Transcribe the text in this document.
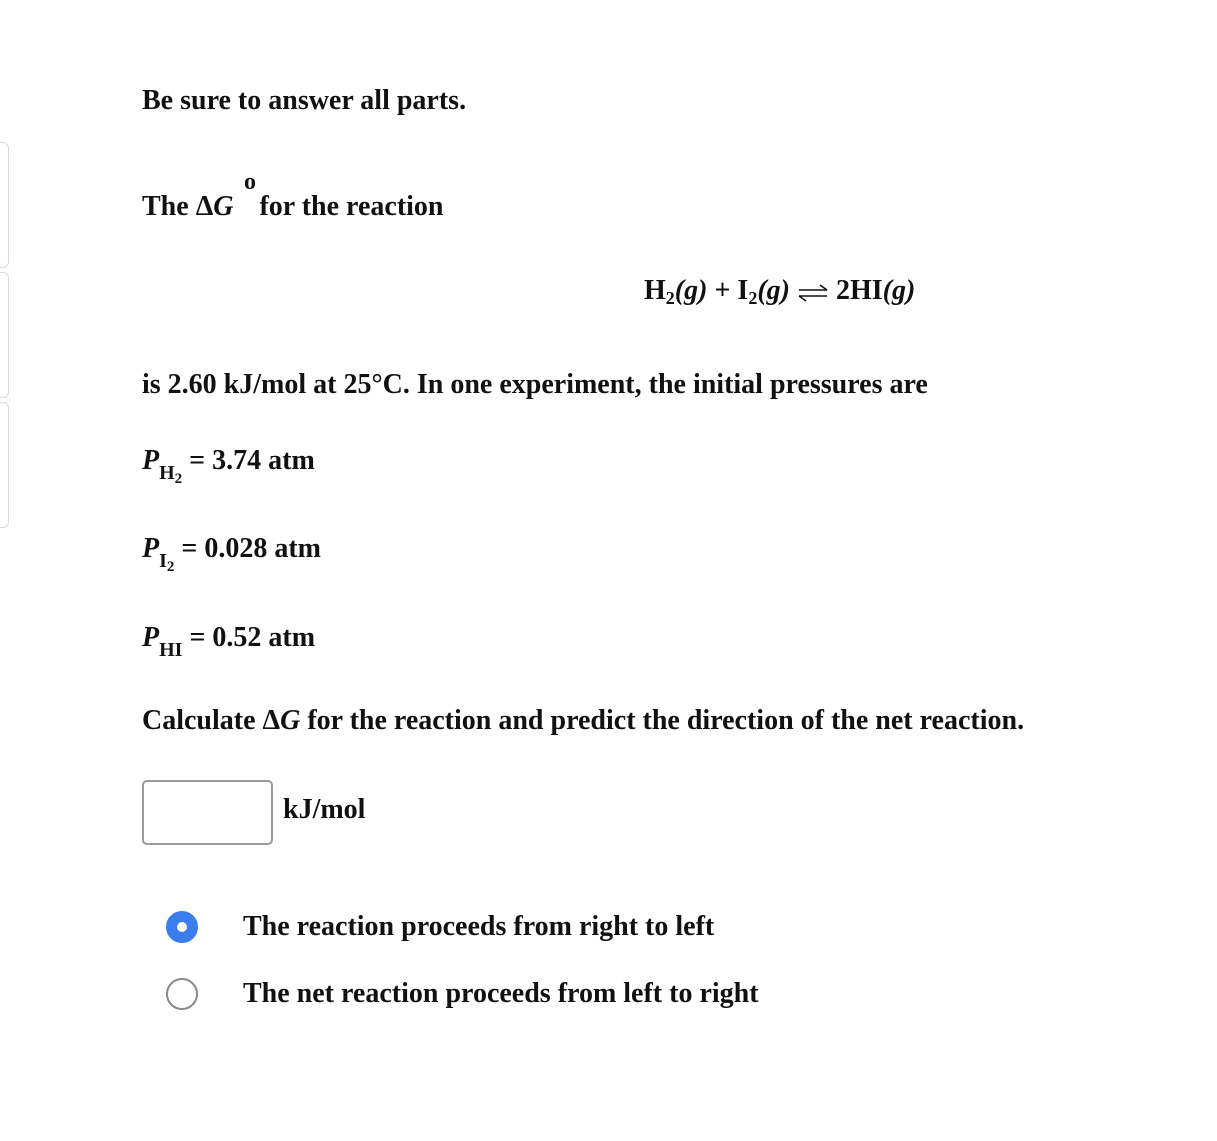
Be sure to answer all parts.
The ΔG for the reaction
o
$H_2(g) + I_2(g)$ ⇌ 2HI(g)
is 2.60 kJ/mol at 25°C. In one experiment, the initial pressures are
$P_{H_2} = 3.74$ atm
$P_{I_2} = 0.028$ atm
$P_{HI} = 0.52$ atm
Calculate ΔG for the reaction and predict the direction of the net reaction.
kJ/mol
The reaction proceeds from right to left
The net reaction proceeds from left to right
